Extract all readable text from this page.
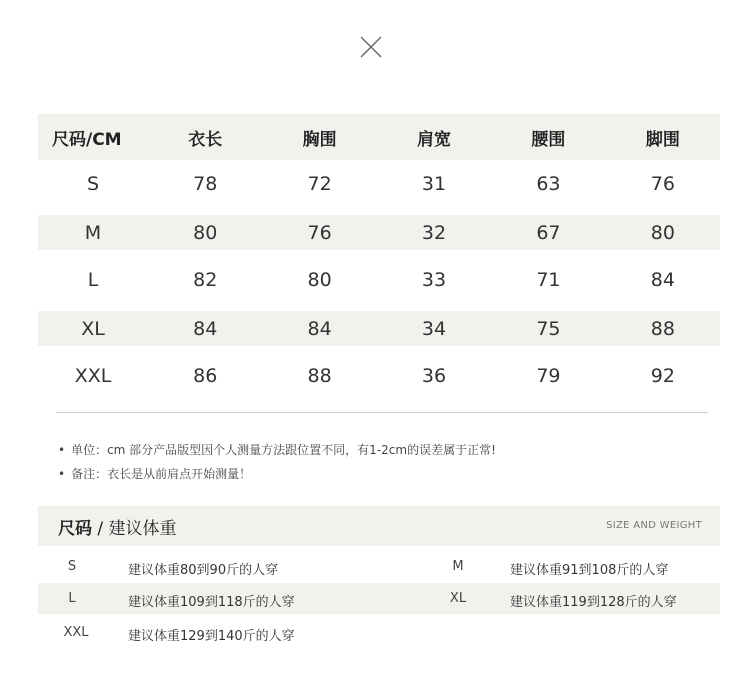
尺码/CM	衣长	胸围	肩宽	腰围	脚围
S	78	72	31	63	76
M	80	76	32	67	80
L	82	80	33	71	84
XL	84	84	34	75	88
XXL	86	88	36	79	92
• 单位：cm 部分产品版型因个人测量方法跟位置不同，有1-2cm的误差属于正常!
• 备注：衣长是从前肩点开始测量！
尺码 / 建议体重	SIZE AND WEIGHT
S	建议体重80到90斤的人穿	M	建议体重91到108斤的人穿
L	建议体重109到118斤的人穿	XL	建议体重119到128斤的人穿
XXL	建议体重129到140斤的人穿
